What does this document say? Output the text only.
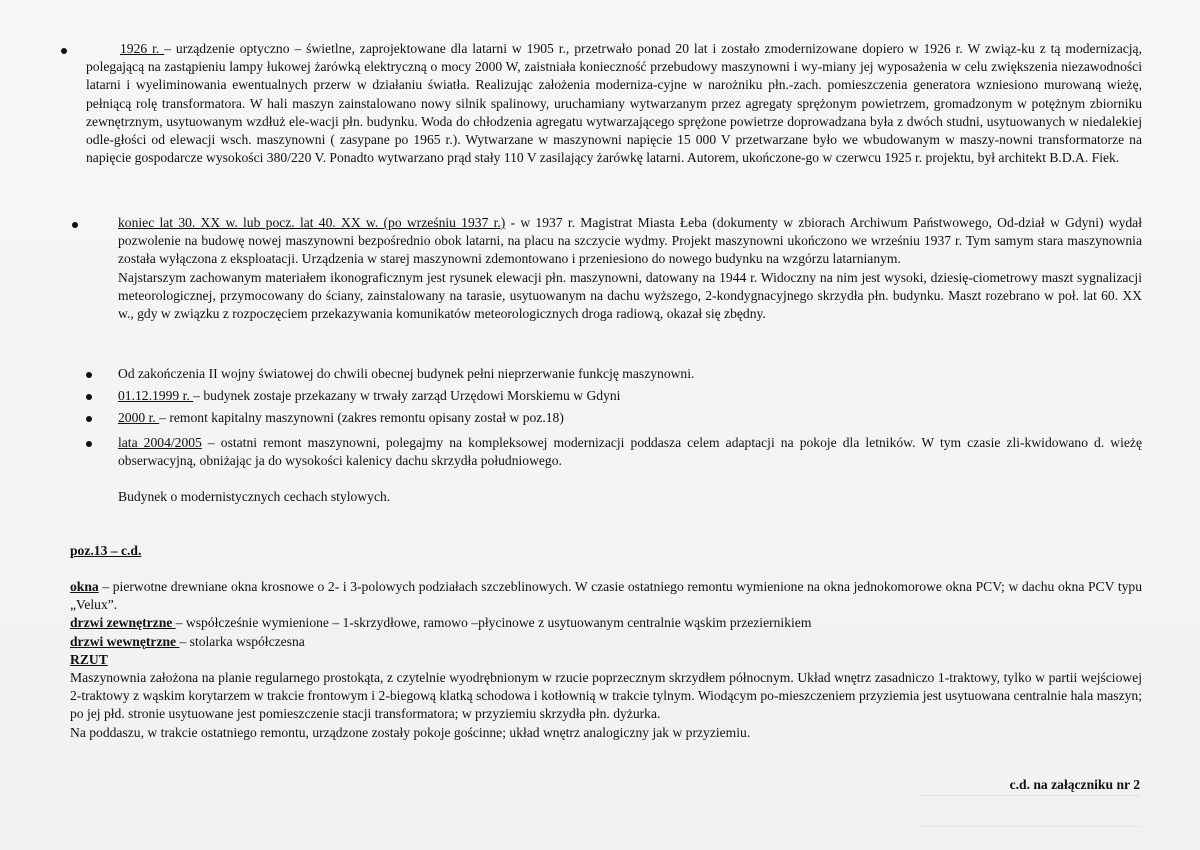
1926 r. – urządzenie optyczno – świetlne, zaprojektowane dla latarni w 1905 r., przetrwało ponad 20 lat i zostało zmodernizowane dopiero w 1926 r. W związ-ku z tą modernizacją, polegającą na zastąpieniu lampy łukowej żarówką elektryczną o mocy 2000 W, zaistniała konieczność przebudowy maszynowni i wy-miany jej wyposażenia w celu zwiększenia niezawodności latarni i wyeliminowania ewentualnych przerw w działaniu światła. Realizując założenia moderniza-cyjne w narożniku płn.-zach. pomieszczenia generatora wzniesiono murowaną wieżę, pełniącą rolę transformatora. W hali maszyn zainstalowano nowy silnik spalinowy, uruchamiany wytwarzanym przez agregaty sprężonym powietrzem, gromadzonym w potężnym zbiorniku zewnętrznym, usytuowanym wzdłuż ele-wacji płn. budynku. Woda do chłodzenia agregatu wytwarzającego sprężone powietrze doprowadzana była z dwóch studni, usytuowanych w niedalekiej odle-głości od elewacji wsch. maszynowni ( zasypane po 1965 r.). Wytwarzane w maszynowni napięcie 15 000 V przetwarzane było we wbudowanym w maszy-nowni transformatorze na napięcie gospodarcze wysokości 380/220 V. Ponadto wytwarzano prąd stały 110 V zasilający żarówkę latarni. Autorem, ukończone-go w czerwcu 1925 r. projektu, był architekt B.D.A. Fiek.
koniec lat 30. XX w. lub pocz. lat 40. XX w. (po wrześniu 1937 r.) - w 1937 r. Magistrat Miasta Łeba (dokumenty w zbiorach Archiwum Państwowego, Od-dział w Gdyni) wydał pozwolenie na budowę nowej maszynowni bezpośrednio obok latarni, na placu na szczycie wydmy. Projekt maszynowni ukończono we wrześniu 1937 r. Tym samym stara maszynownia została wyłączona z eksploatacji. Urządzenia w starej maszynowni zdemontowano i przeniesiono do nowego budynku na wzgórzu latarnianym.
Najstarszym zachowanym materiałem ikonograficznym jest rysunek elewacji płn. maszynowni, datowany na 1944 r. Widoczny na nim jest wysoki, dziesię-ciometrowy maszt sygnalizacji meteorologicznej, przymocowany do ściany, zainstalowany na tarasie, usytuowanym na dachu wyższego, 2-kondygnacyjnego skrzydła płn. budynku. Maszt rozebrano w poł. lat 60. XX w., gdy w związku z rozpoczęciem przekazywania komunikatów meteorologicznych droga radiową, okazał się zbędny.
Od zakończenia II wojny światowej do chwili obecnej budynek pełni nieprzerwanie funkcję maszynowni.
01.12.1999 r. – budynek zostaje przekazany w trwały zarząd Urzędowi Morskiemu w Gdyni
2000 r. – remont kapitalny maszynowni (zakres remontu opisany został w poz.18)
lata 2004/2005 – ostatni remont maszynowni, polegajmy na kompleksowej modernizacji poddasza celem adaptacji na pokoje dla letników. W tym czasie zli-kwidowano d. wieżę obserwacyjną, obniżając ja do wysokości kalenicy dachu skrzydła południowego.
Budynek o modernistycznych cechach stylowych.
poz.13 – c.d.

okna – pierwotne drewniane okna krosnowe o 2- i 3-polowych podziałach szczeblinowych. W czasie ostatniego remontu wymienione na okna jednokomorowe okna PCV; w dachu okna PCV typu „Velux”.

drzwi zewnętrzne – współcześnie wymienione – 1-skrzydłowe, ramowo –płycinowe z usytuowanym centralnie wąskim przeziernikiem

drzwi wewnętrzne – stolarka współczesna

RZUT

Maszynownia założona na planie regularnego prostokąta, z czytelnie wyodrębnionym w rzucie poprzecznym skrzydłem północnym. Układ wnętrz zasadniczo 1-traktowy, tylko w partii wejściowej 2-traktowy z wąskim korytarzem w trakcie frontowym i 2-biegową klatką schodowa i kotłownią w trakcie tylnym. Wiodącym po-mieszczeniem przyziemia jest usytuowana centralnie hala maszyn; po jej płd. stronie usytuowane jest pomieszczenie stacji transformatora; w przyziemiu skrzydła płn. dyżurka.

Na poddaszu, w trakcie ostatniego remontu, urządzone zostały pokoje gościnne; układ wnętrz analogiczny jak w przyziemiu.

c.d. na załączniku nr 2
